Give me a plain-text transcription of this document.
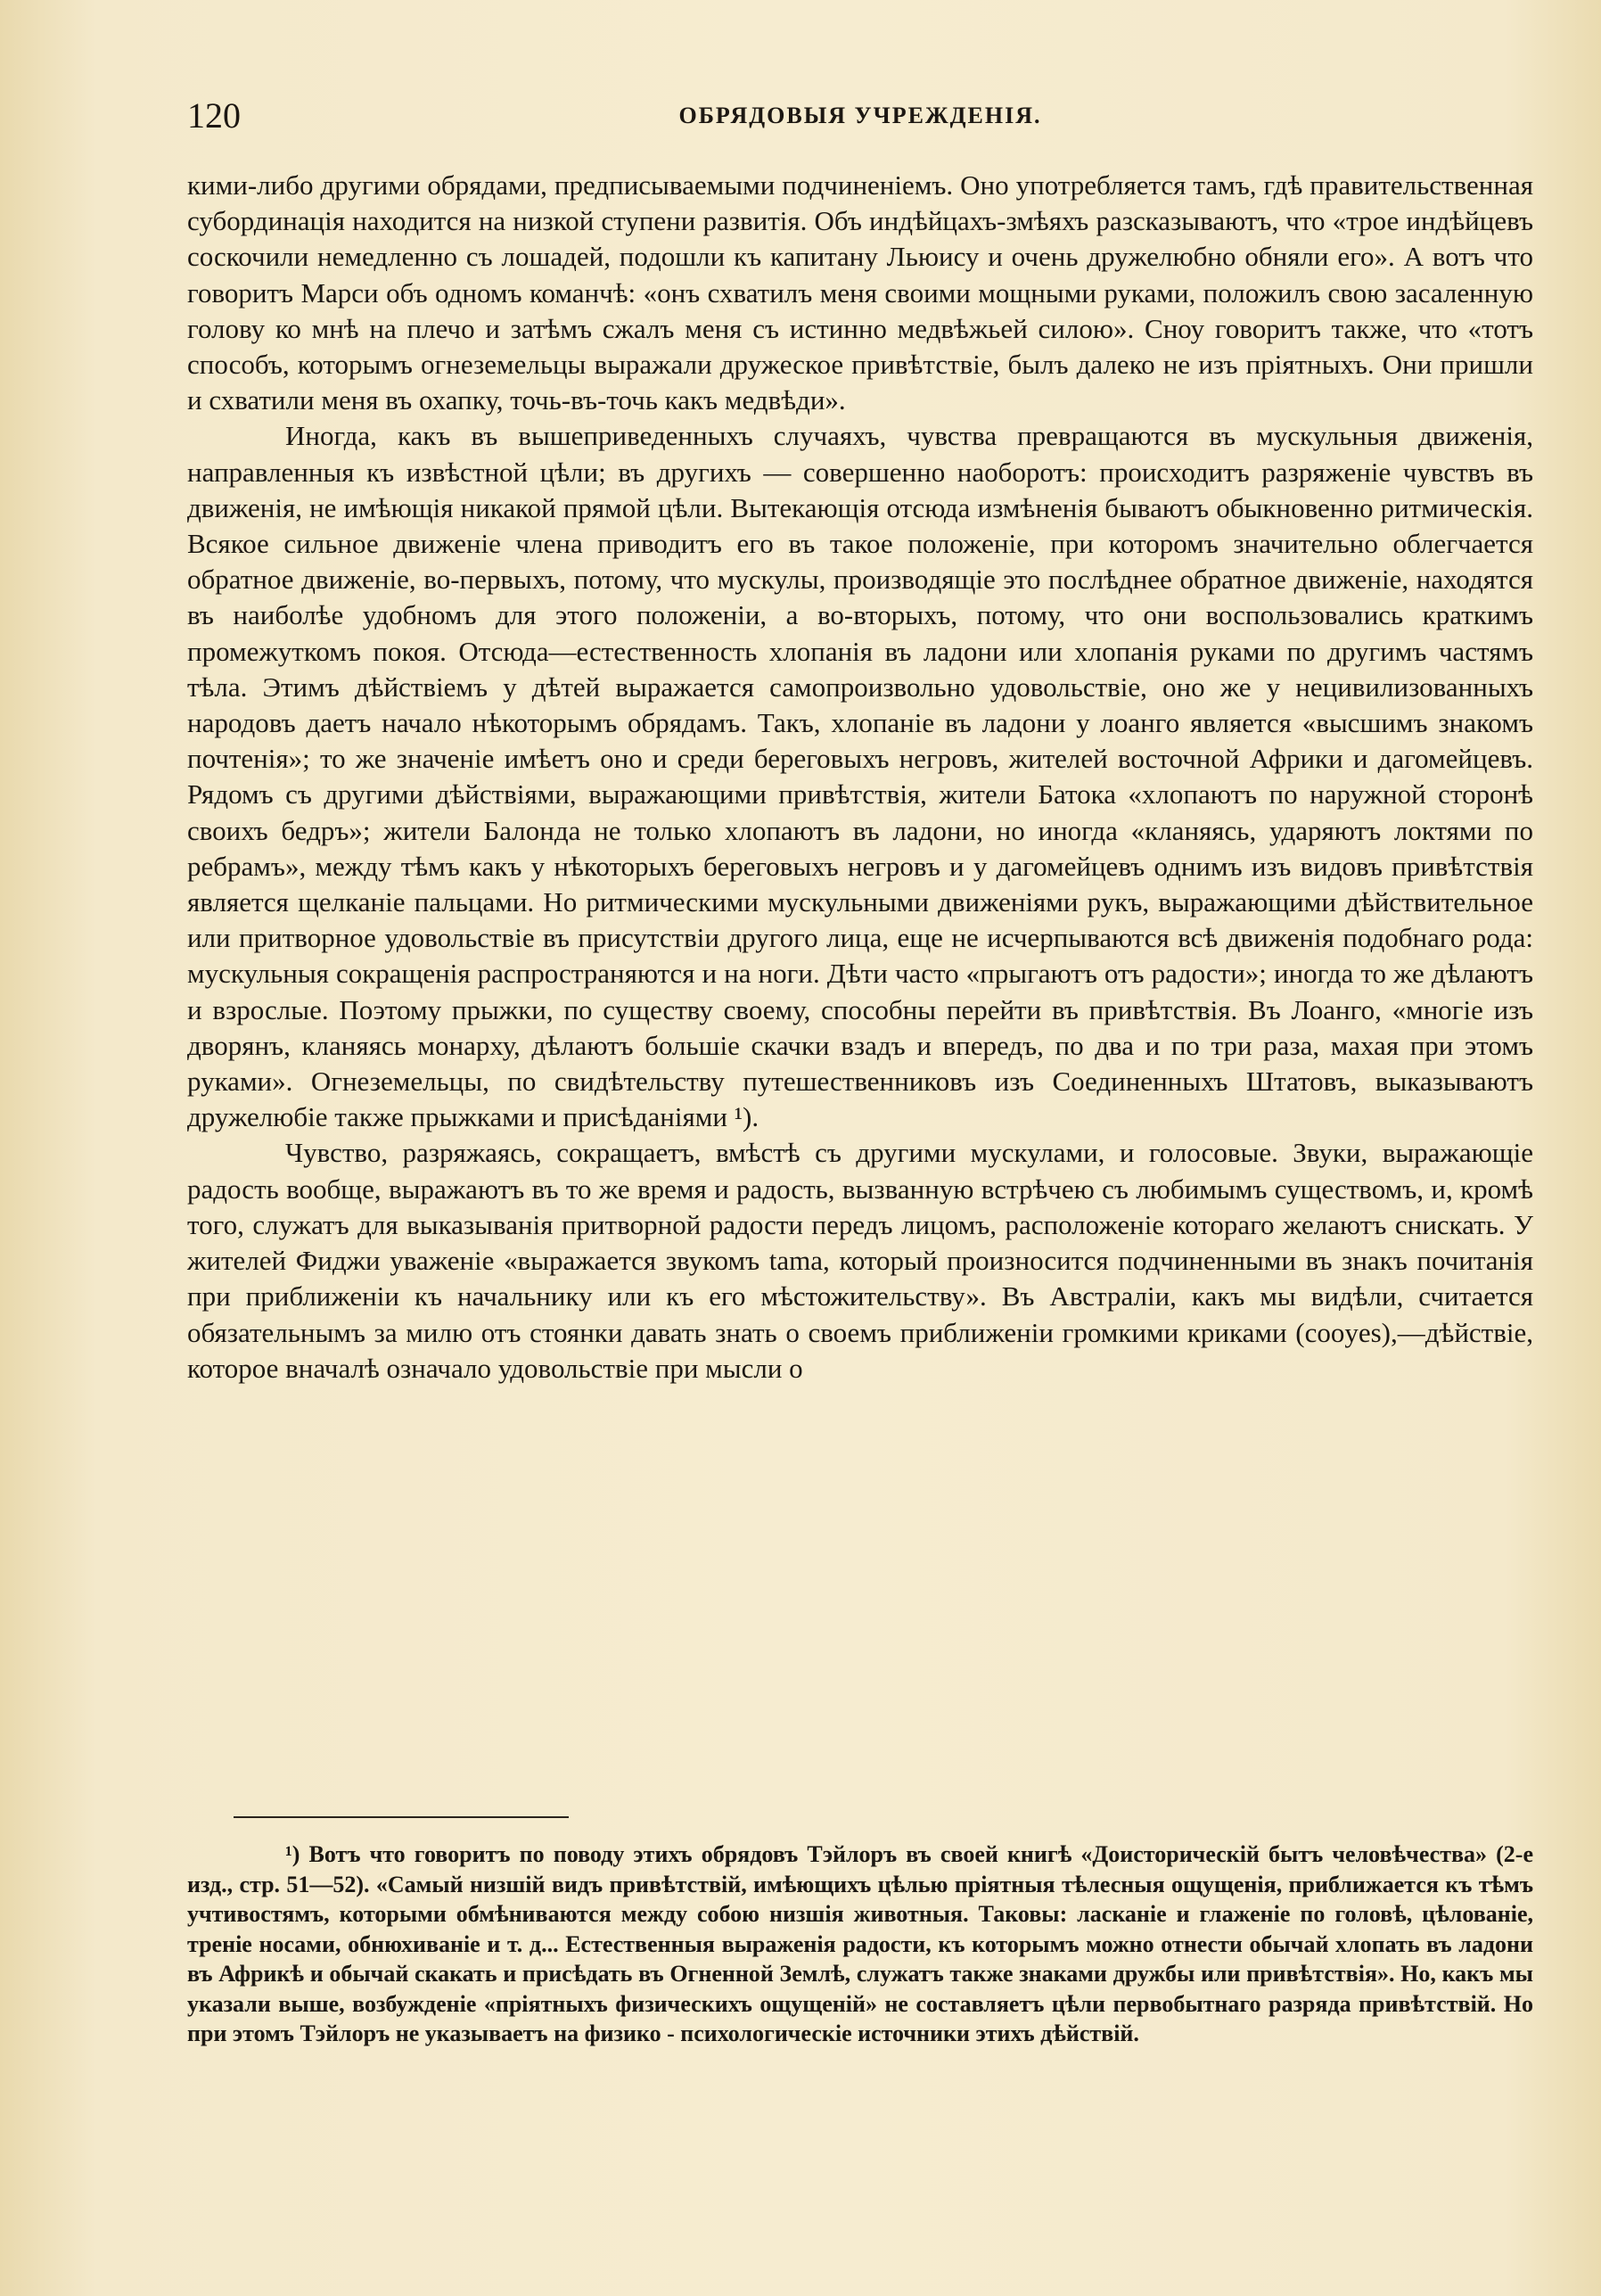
ОБРЯДОВЫЯ УЧРЕЖДЕНІЯ.
120

кими-либо другими обрядами, предписываемыми подчиненіемъ. Оно употребляется тамъ, гдѣ правительственная субординація находится на низкой ступени развитія. Объ индѣйцахъ-змѣяхъ разсказываютъ, что «трое индѣйцевъ соскочили немедленно съ лошадей, подошли къ капитану Льюису и очень дружелюбно обняли его». А вотъ что говоритъ Марси объ одномъ команчѣ: «онъ схватилъ меня своими мощными руками, положилъ свою засаленную голову ко мнѣ на плечо и затѣмъ сжалъ меня съ истинно медвѣжьей силою». Сноу говоритъ также, что «тотъ способъ, которымъ огнеземельцы выражали дружеское привѣтствіе, былъ далеко не изъ пріятныхъ. Они пришли и схватили меня въ охапку, точь-въ-точь какъ медвѣди».

Иногда, какъ въ вышеприведенныхъ случаяхъ, чувства превращаются въ мускульныя движенія, направленныя къ извѣстной цѣли; въ другихъ — совершенно наоборотъ: происходитъ разряженіе чувствъ въ движенія, не имѣющія никакой прямой цѣли. Вытекающія отсюда измѣненія бываютъ обыкновенно ритмическія. Всякое сильное движеніе члена приводитъ его въ такое положеніе, при которомъ значительно облегчается обратное движеніе, во-первыхъ, потому, что мускулы, производящіе это послѣднее обратное движеніе, находятся въ наиболѣе удобномъ для этого положеніи, а во-вторыхъ, потому, что они воспользовались краткимъ промежуткомъ покоя. Отсюда—естественность хлопанія въ ладони или хлопанія руками по другимъ частямъ тѣла. Этимъ дѣйствіемъ у дѣтей выражается самопроизвольно удовольствіе, оно же у нецивилизованныхъ народовъ даетъ начало нѣкоторымъ обрядамъ. Такъ, хлопаніе въ ладони у лоанго является «высшимъ знакомъ почтенія»; то же значеніе имѣетъ оно и среди береговыхъ негровъ, жителей восточной Африки и дагомейцевъ. Рядомъ съ другими дѣйствіями, выражающими привѣтствія, жители Батока «хлопаютъ по наружной сторонѣ своихъ бедръ»; жители Балонда не только хлопаютъ въ ладони, но иногда «кланяясь, ударяютъ локтями по ребрамъ», между тѣмъ какъ у нѣкоторыхъ береговыхъ негровъ и у дагомейцевъ однимъ изъ видовъ привѣтствія является щелканіе пальцами. Но ритмическими мускульными движеніями рукъ, выражающими дѣйствительное или притворное удовольствіе въ присутствіи другого лица, еще не исчерпываются всѣ движенія подобнаго рода: мускульныя сокращенія распространяются и на ноги. Дѣти часто «прыгаютъ отъ радости»; иногда то же дѣлаютъ и взрослые. Поэтому прыжки, по существу своему, способны перейти въ привѣтствія. Въ Лоанго, «многіе изъ дворянъ, кланяясь монарху, дѣлаютъ большіе скачки взадъ и впередъ, по два и по три раза, махая при этомъ руками». Огнеземельцы, по свидѣтельству путешественниковъ изъ Соединенныхъ Штатовъ, выказываютъ дружелюбіе также прыжками и присѣданіями ¹).

Чувство, разряжаясь, сокращаетъ, вмѣстѣ съ другими мускулами, и голосовые. Звуки, выражающіе радость вообще, выражаютъ въ то же время и радость, вызванную встрѣчею съ любимымъ существомъ, и, кромѣ того, служатъ для выказыванія притворной радости передъ лицомъ, расположеніе котораго желаютъ снискать. У жителей Фиджи уваженіе «выражается звукомъ tama, который произносится подчиненными въ знакъ почитанія при приближеніи къ начальнику или къ его мѣстожительству». Въ Австраліи, какъ мы видѣли, считается обязательнымъ за милю отъ стоянки давать знать о своемъ приближеніи громкими криками (cooyes),—дѣйствіе, которое вначалѣ означало удовольствіе при мысли о

¹) Вотъ что говоритъ по поводу этихъ обрядовъ Тэйлоръ въ своей книгѣ «Доисторическій бытъ человѣчества» (2-е изд., стр. 51—52). «Самый низшій видъ привѣтствій, имѣющихъ цѣлью пріятныя тѣлесныя ощущенія, приближается къ тѣмъ учтивостямъ, которыми обмѣниваются между собою низшія животныя. Таковы: ласканіе и глаженіе по головѣ, цѣлованіе, треніе носами, обнюхиваніе и т. д... Естественныя выраженія радости, къ которымъ можно отнести обычай хлопать въ ладони въ Африкѣ и обычай скакать и присѣдать въ Огненной Землѣ, служатъ также знаками дружбы или привѣтствія». Но, какъ мы указали выше, возбужденіе «пріятныхъ физическихъ ощущеній» не составляетъ цѣли первобытнаго разряда привѣтствій. Но при этомъ Тэйлоръ не указываетъ на физико - психологическіе источники этихъ дѣйствій.
